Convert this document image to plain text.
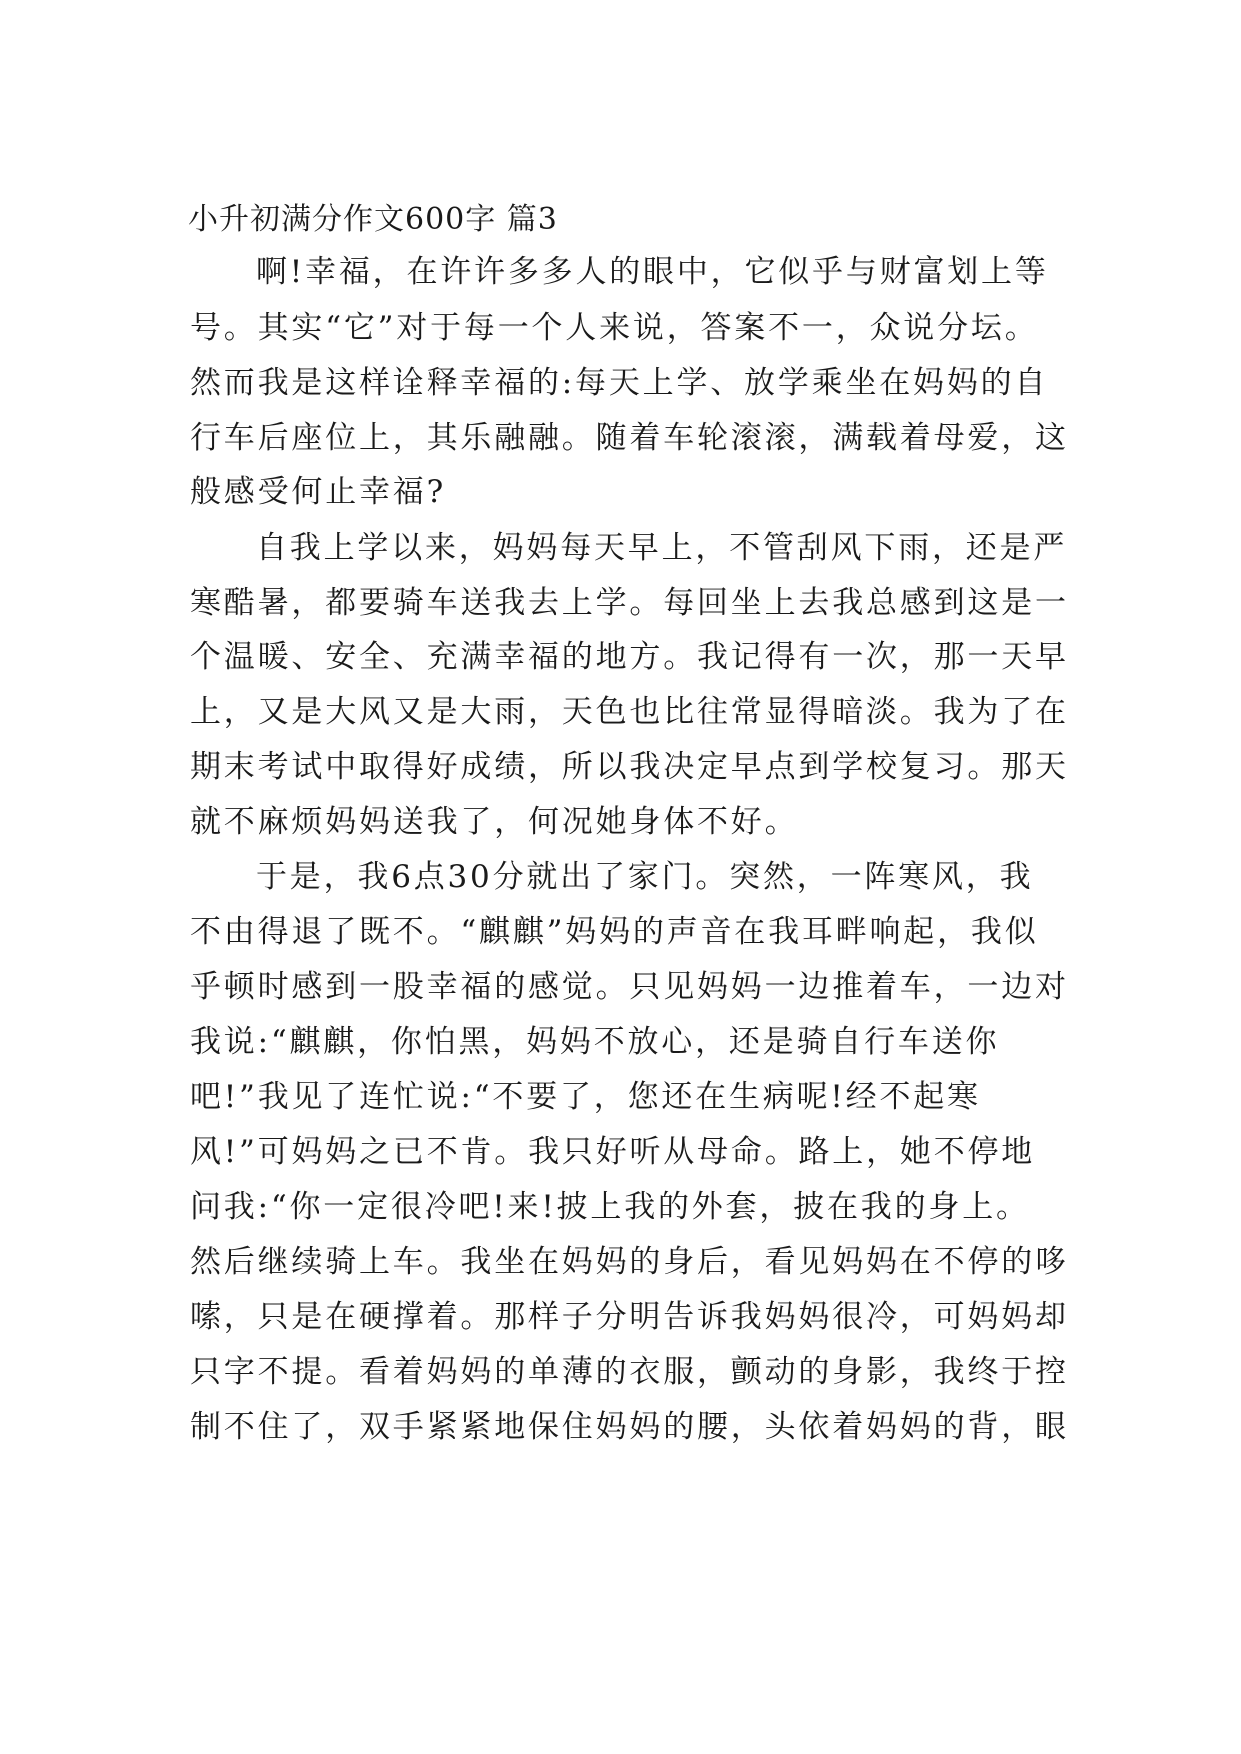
小升初满分作文600字 篇3
啊!幸福，在许许多多人的眼中，它似乎与财富划上等
号。其实“它”对于每一个人来说，答案不一，众说分坛。
然而我是这样诠释幸福的:每天上学、放学乘坐在妈妈的自
行车后座位上，其乐融融。随着车轮滚滚，满载着母爱，这
般感受何止幸福?
自我上学以来，妈妈每天早上，不管刮风下雨，还是严
寒酷暑，都要骑车送我去上学。每回坐上去我总感到这是一
个温暖、安全、充满幸福的地方。我记得有一次，那一天早
上，又是大风又是大雨，天色也比往常显得暗淡。我为了在
期末考试中取得好成绩，所以我决定早点到学校复习。那天
就不麻烦妈妈送我了，何况她身体不好。
于是，我6点30分就出了家门。突然，一阵寒风，我
不由得退了既不。“麒麒”妈妈的声音在我耳畔响起，我似
乎顿时感到一股幸福的感觉。只见妈妈一边推着车，一边对
我说:“麒麒，你怕黑，妈妈不放心，还是骑自行车送你
吧!”我见了连忙说:“不要了，您还在生病呢!经不起寒
风!”可妈妈之已不肯。我只好听从母命。路上，她不停地
问我:“你一定很冷吧!来!披上我的外套，披在我的身上。
然后继续骑上车。我坐在妈妈的身后，看见妈妈在不停的哆
嗦，只是在硬撑着。那样子分明告诉我妈妈很冷，可妈妈却
只字不提。看着妈妈的单薄的衣服，颤动的身影，我终于控
制不住了，双手紧紧地保住妈妈的腰，头依着妈妈的背，眼
